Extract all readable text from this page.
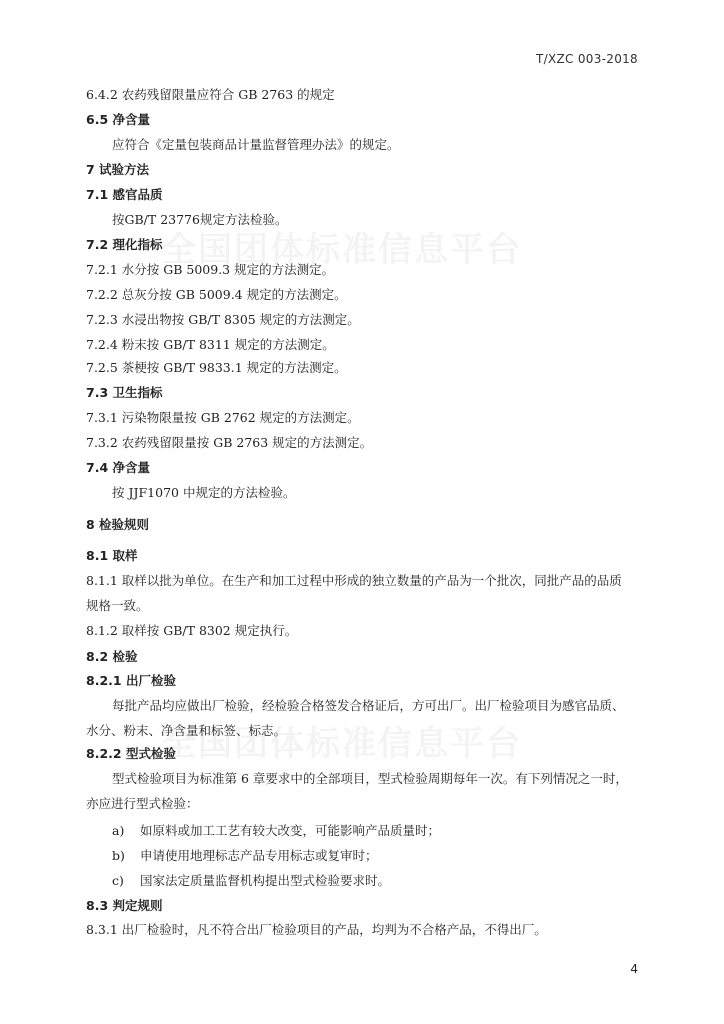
T/XZC 003-2018
6.4.2 农药残留限量应符合 GB 2763 的规定
6.5 净含量
应符合《定量包装商品计量监督管理办法》的规定。
7 试验方法
7.1 感官品质
按GB/T 23776规定方法检验。
7.2 理化指标
7.2.1 水分按 GB 5009.3 规定的方法测定。
7.2.2 总灰分按 GB 5009.4 规定的方法测定。
7.2.3 水浸出物按 GB/T 8305 规定的方法测定。
7.2.4 粉末按 GB/T 8311 规定的方法测定。
7.2.5 茶梗按 GB/T 9833.1 规定的方法测定。
7.3 卫生指标
7.3.1 污染物限量按 GB 2762 规定的方法测定。
7.3.2 农药残留限量按 GB 2763 规定的方法测定。
7.4 净含量
按 JJF1070 中规定的方法检验。
8 检验规则
8.1 取样
8.1.1 取样以批为单位。在生产和加工过程中形成的独立数量的产品为一个批次，同批产品的品质
规格一致。
8.1.2 取样按 GB/T 8302 规定执行。
8.2 检验
8.2.1 出厂检验
每批产品均应做出厂检验，经检验合格签发合格证后，方可出厂。出厂检验项目为感官品质、
水分、粉末、净含量和标签、标志。
8.2.2 型式检验
型式检验项目为标准第 6 章要求中的全部项目，型式检验周期每年一次。有下列情况之一时，
亦应进行型式检验：
a) 如原料或加工工艺有较大改变，可能影响产品质量时；
b) 申请使用地理标志产品专用标志或复审时；
c) 国家法定质量监督机构提出型式检验要求时。
8.3 判定规则
8.3.1 出厂检验时，凡不符合出厂检验项目的产品，均判为不合格产品，不得出厂。
4
